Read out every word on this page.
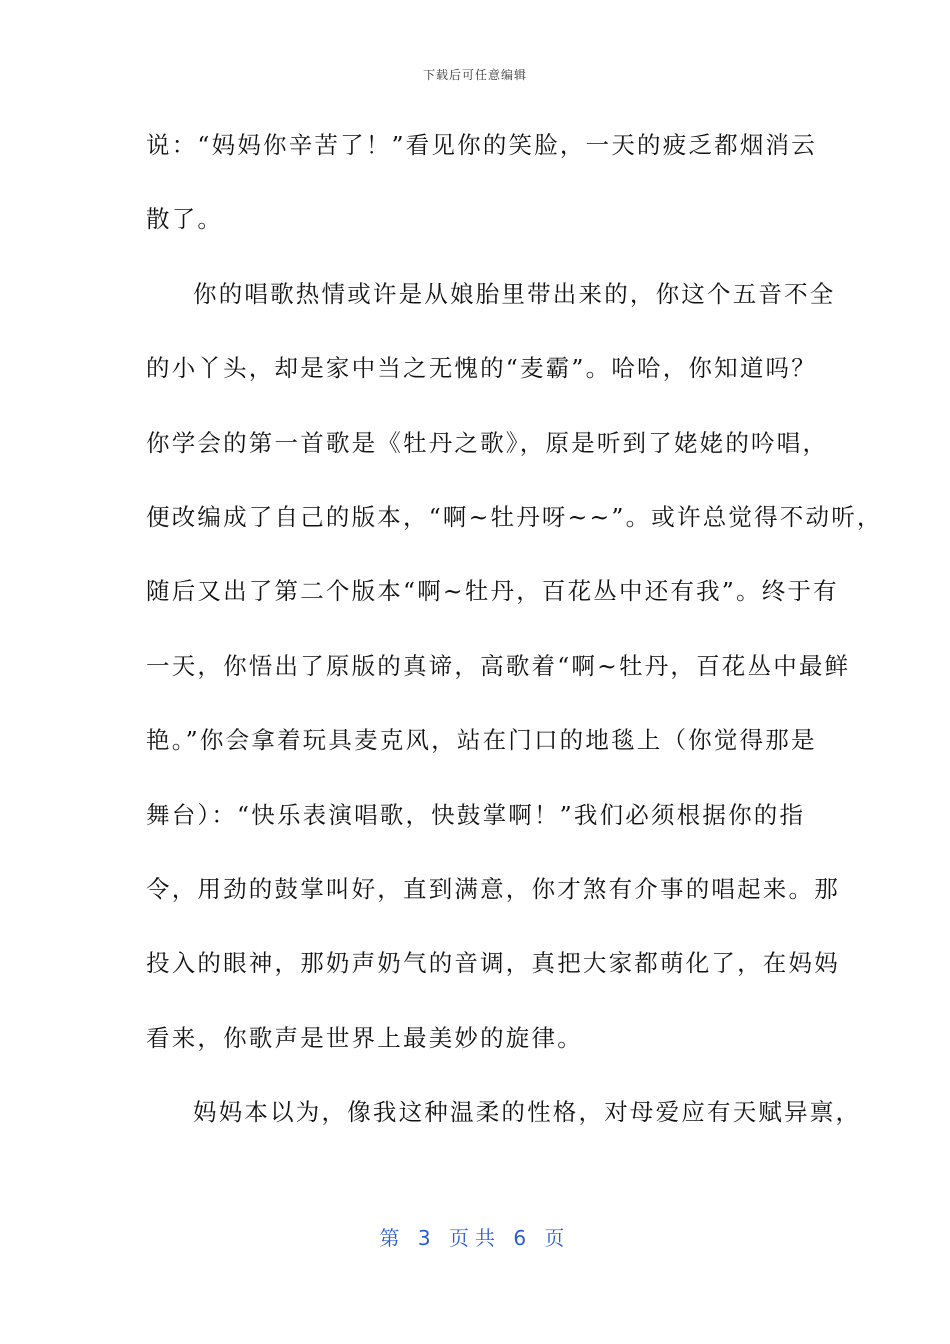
下载后可任意编辑
说：“妈妈你辛苦了！”看见你的笑脸，一天的疲乏都烟消云
散了。
你的唱歌热情或许是从娘胎里带出来的，你这个五音不全
的小丫头，却是家中当之无愧的“麦霸”。哈哈，你知道吗？
你学会的第一首歌是《牡丹之歌》，原是听到了姥姥的吟唱，
便改编成了自己的版本，“啊~牡丹呀~~”。或许总觉得不动听，
随后又出了第二个版本“啊~牡丹，百花丛中还有我”。终于有
一天，你悟出了原版的真谛，高歌着“啊~牡丹，百花丛中最鲜
艳。”你会拿着玩具麦克风，站在门口的地毯上（你觉得那是
舞台）：“快乐表演唱歌，快鼓掌啊！”我们必须根据你的指
令，用劲的鼓掌叫好，直到满意，你才煞有介事的唱起来。那
投入的眼神，那奶声奶气的音调，真把大家都萌化了，在妈妈
看来，你歌声是世界上最美妙的旋律。
妈妈本以为，像我这种温柔的性格，对母爱应有天赋异禀，
第 3 页共 6 页
